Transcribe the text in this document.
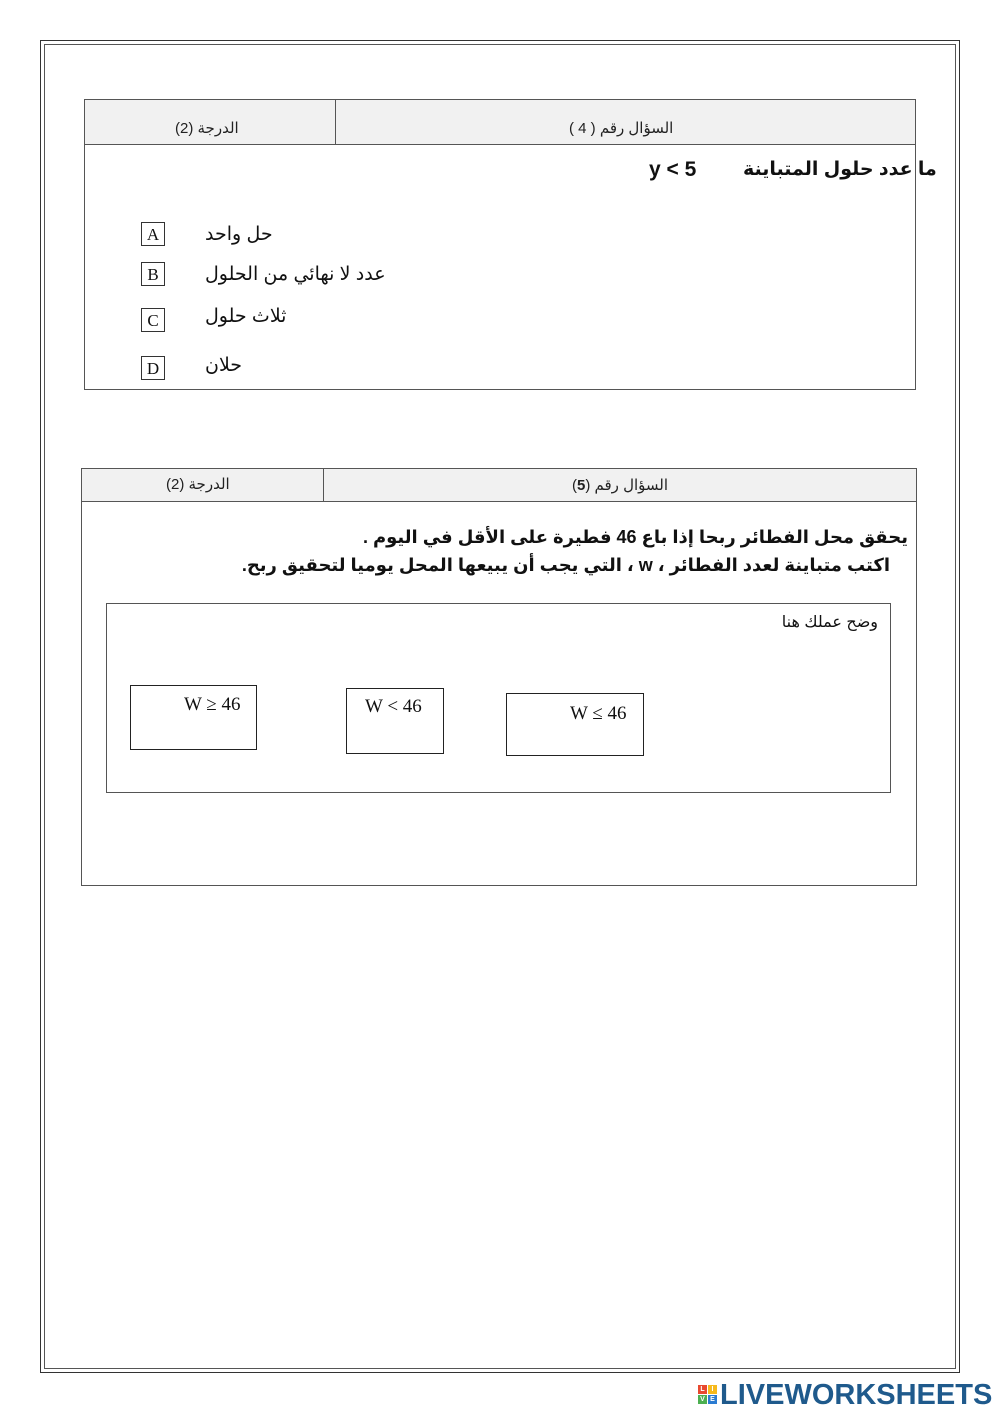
الدرجة (2)	السؤال رقم ( 4 )
ما عدد حلول المتباينة
y < 5
A	حل واحد
B	عدد لا نهائي من الحلول
C	ثلاث حلول
D	حلان
الدرجة (2)	السؤال رقم (5)
يحقق محل الفطائر ربحا إذا باع 46 فطيرة على الأقل في اليوم .
اكتب متباينة لعدد الفطائر ، w ، التي يجب أن يبيعها المحل يوميا لتحقيق ربح.
وضح عملك هنا
W ≥ 46	W < 46	W ≤ 46
L I
V E LIVEWORKSHEETS
